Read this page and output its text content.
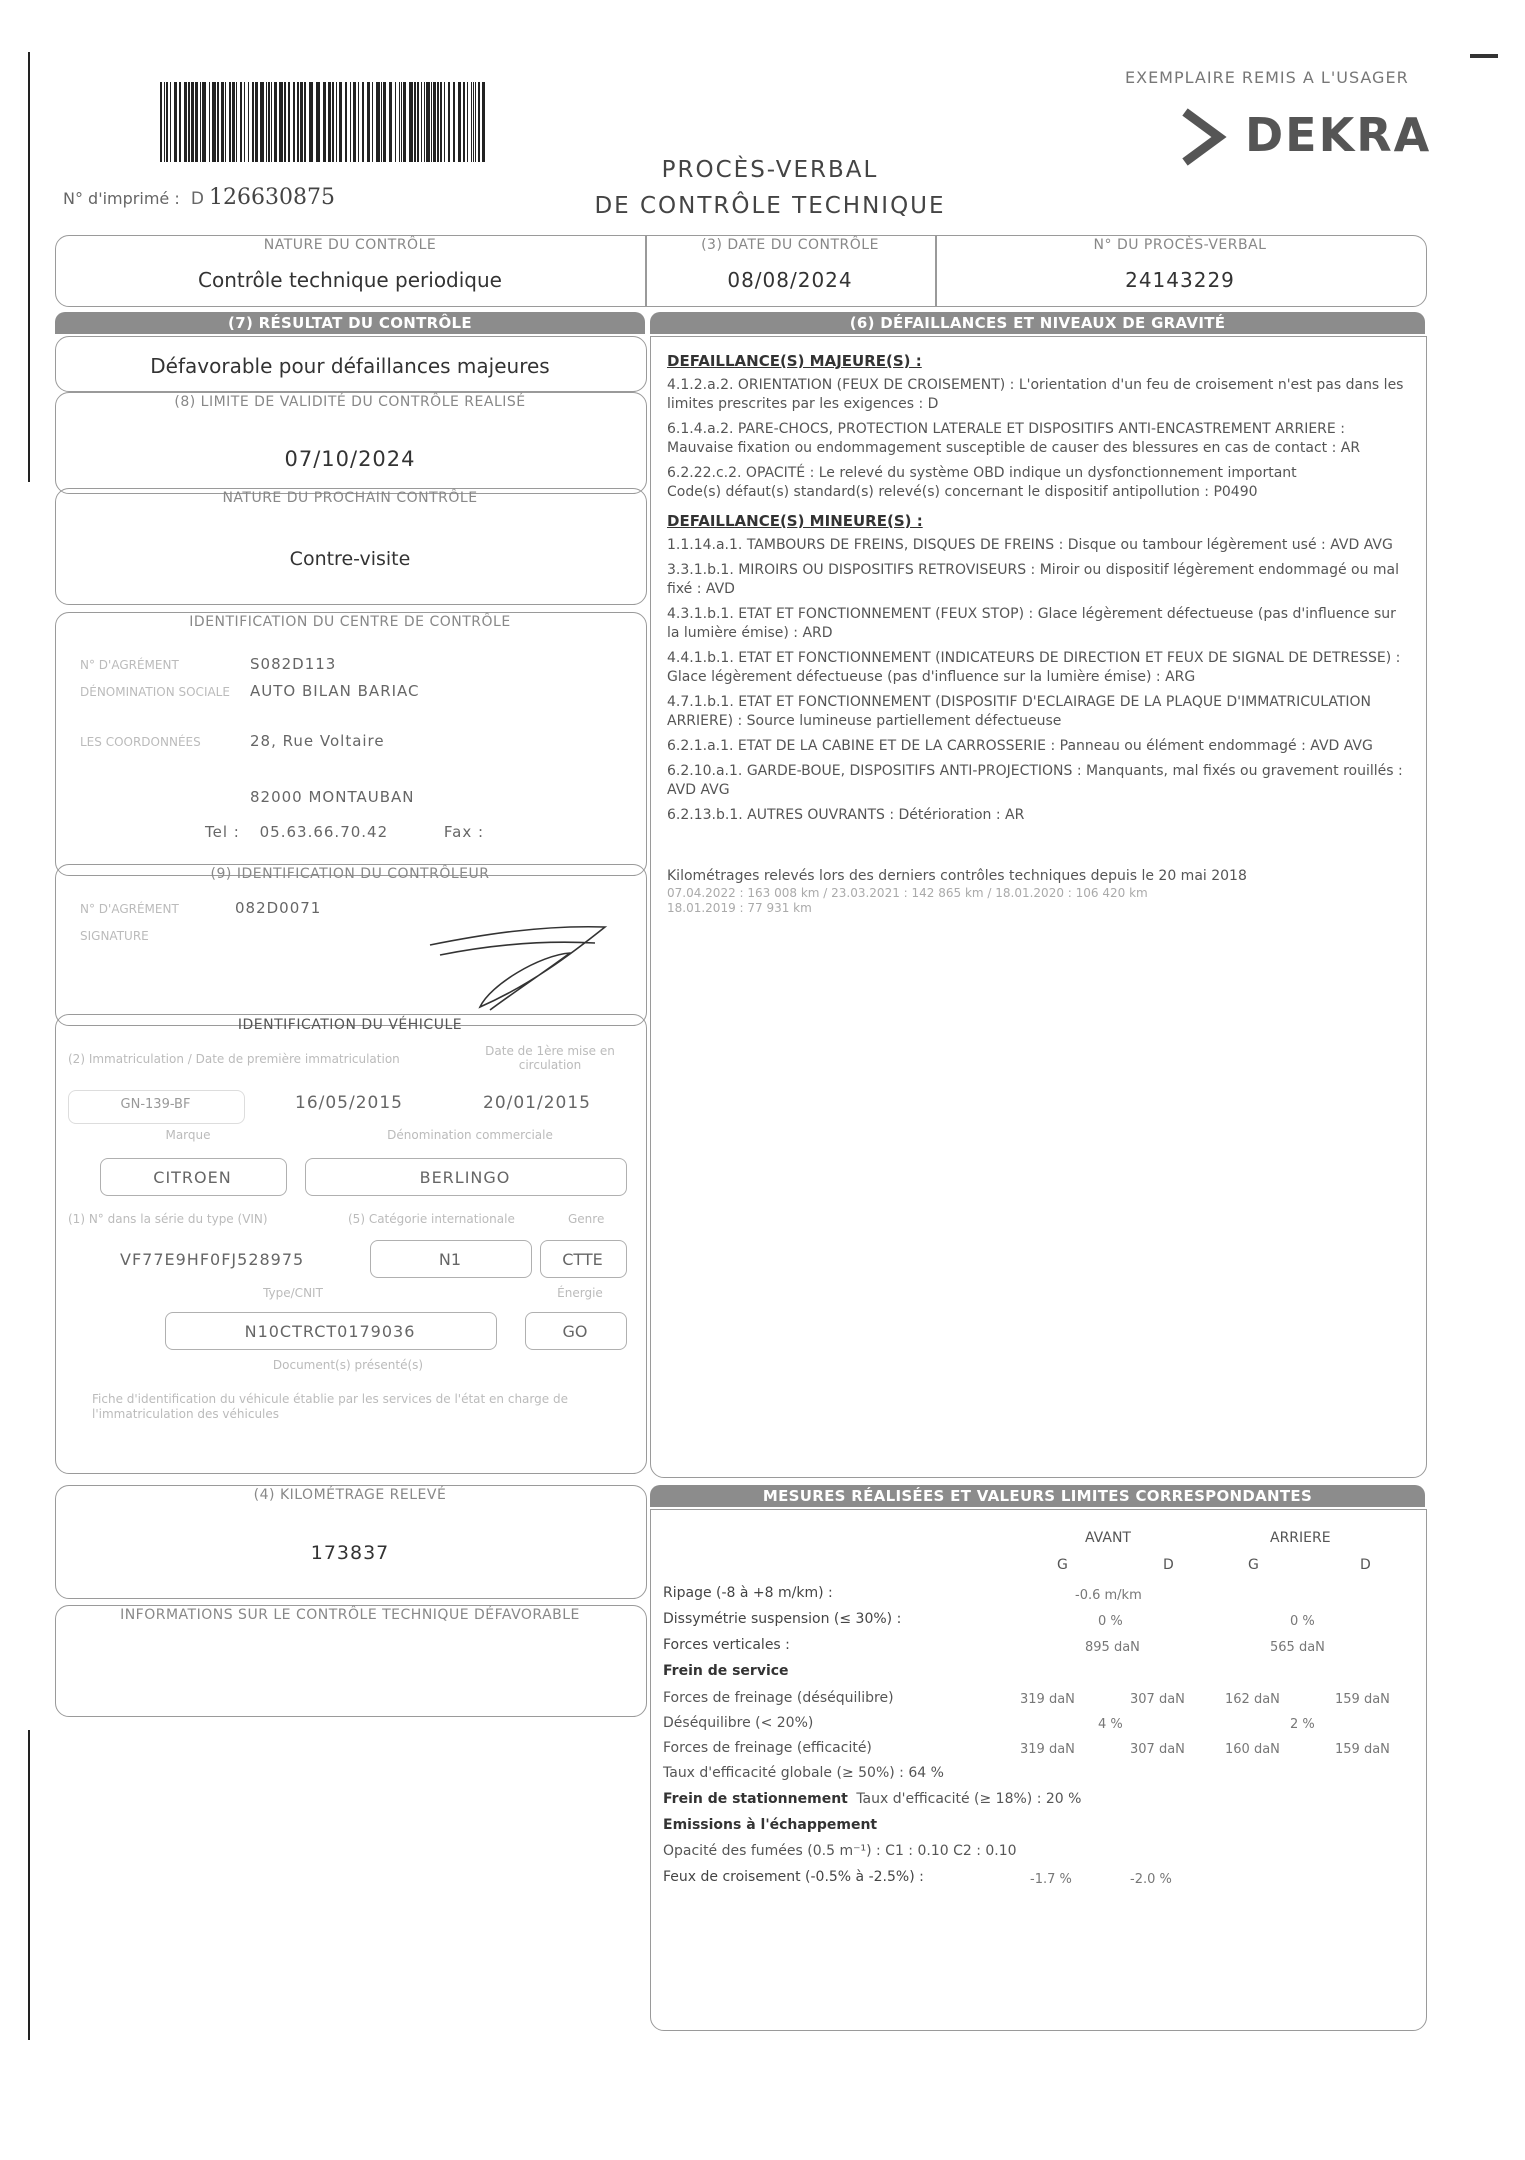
N° d'imprimé : D 126630875
PROCÈS-VERBAL
DE CONTRÔLE TECHNIQUE
EXEMPLAIRE REMIS A L'USAGER
DEKRA
NATURE DU CONTRÔLE
Contrôle technique periodique
(3) DATE DU CONTRÔLE
08/08/2024
N° DU PROCÈS-VERBAL
24143229
(7) RÉSULTAT DU CONTRÔLE
Défavorable pour défaillances majeures
(8) LIMITE DE VALIDITÉ DU CONTRÔLE REALISÉ
07/10/2024
NATURE DU PROCHAIN CONTRÔLE
Contre-visite
IDENTIFICATION DU CENTRE DE CONTRÔLE
N° D'AGRÉMENT	S082D113
DÉNOMINATION SOCIALE AUTO BILAN BARIAC
LES COORDONNÉES	28, Rue Voltaire
82000 MONTAUBAN
Tel : 05.63.66.70.42	Fax :
(9) IDENTIFICATION DU CONTRÔLEUR
N° D'AGRÉMENT	082D0071
SIGNATURE
IDENTIFICATION DU VÉHICULE
(2) Immatriculation / Date de première immatriculation
Date de 1ère mise en circulation
GN-139-BF	16/05/2015	20/01/2015
Marque	Dénomination commerciale
CITROEN	BERLINGO
(1) N° dans la série du type (VIN)	(5) Catégorie internationale	Genre
VF77E9HF0FJ528975	N1	CTTE
Type/CNIT	Énergie
N10CTRCT0179036	GO
Document(s) présenté(s)
Fiche d'identification du véhicule établie par les services de l'état en charge de l'immatriculation des véhicules
(4) KILOMÉTRAGE RELEVÉ
173837
INFORMATIONS SUR LE CONTRÔLE TECHNIQUE DÉFAVORABLE
(6) DÉFAILLANCES ET NIVEAUX DE GRAVITÉ
DEFAILLANCE(S) MAJEURE(S) :
4.1.2.a.2. ORIENTATION (FEUX DE CROISEMENT) : L'orientation d'un feu de croisement n'est pas dans les limites prescrites par les exigences : D
6.1.4.a.2. PARE-CHOCS, PROTECTION LATERALE ET DISPOSITIFS ANTI-ENCASTREMENT ARRIERE : Mauvaise fixation ou endommagement susceptible de causer des blessures en cas de contact : AR
6.2.22.c.2. OPACITÉ : Le relevé du système OBD indique un dysfonctionnement important
Code(s) défaut(s) standard(s) relevé(s) concernant le dispositif antipollution : P0490
DEFAILLANCE(S) MINEURE(S) :
1.1.14.a.1. TAMBOURS DE FREINS, DISQUES DE FREINS : Disque ou tambour légèrement usé : AVD AVG
3.3.1.b.1. MIROIRS OU DISPOSITIFS RETROVISEURS : Miroir ou dispositif légèrement endommagé ou mal fixé : AVD
4.3.1.b.1. ETAT ET FONCTIONNEMENT (FEUX STOP) : Glace légèrement défectueuse (pas d'influence sur la lumière émise) : ARD
4.4.1.b.1. ETAT ET FONCTIONNEMENT (INDICATEURS DE DIRECTION ET FEUX DE SIGNAL DE DETRESSE) : Glace légèrement défectueuse (pas d'influence sur la lumière émise) : ARG
4.7.1.b.1. ETAT ET FONCTIONNEMENT (DISPOSITIF D'ECLAIRAGE DE LA PLAQUE D'IMMATRICULATION ARRIERE) : Source lumineuse partiellement défectueuse
6.2.1.a.1. ETAT DE LA CABINE ET DE LA CARROSSERIE : Panneau ou élément endommagé : AVD AVG
6.2.10.a.1. GARDE-BOUE, DISPOSITIFS ANTI-PROJECTIONS : Manquants, mal fixés ou gravement rouillés : AVD AVG
6.2.13.b.1. AUTRES OUVRANTS : Détérioration : AR
Kilométrages relevés lors des derniers contrôles techniques depuis le 20 mai 2018
07.04.2022 : 163 008 km / 23.03.2021 : 142 865 km / 18.01.2020 : 106 420 km
18.01.2019 : 77 931 km
MESURES RÉALISÉES ET VALEURS LIMITES CORRESPONDANTES
AVANT	ARRIERE
G	D	G	D
Ripage (-8 à +8 m/km) :	-0.6 m/km
Dissymétrie suspension (≤ 30%) :	0 %	0 %
Forces verticales :	895 daN	565 daN
Frein de service
Forces de freinage (déséquilibre)	319 daN	307 daN	162 daN	159 daN
Déséquilibre (< 20%)	4 %	2 %
Forces de freinage (efficacité)	319 daN	307 daN	160 daN	159 daN
Taux d'efficacité globale (≥ 50%) : 64 %
Frein de stationnement Taux d'efficacité (≥ 18%) : 20 %
Emissions à l'échappement
Opacité des fumées (0.5 m⁻¹) : C1 : 0.10 C2 : 0.10
Feux de croisement (-0.5% à -2.5%) :	-1.7 %	-2.0 %
